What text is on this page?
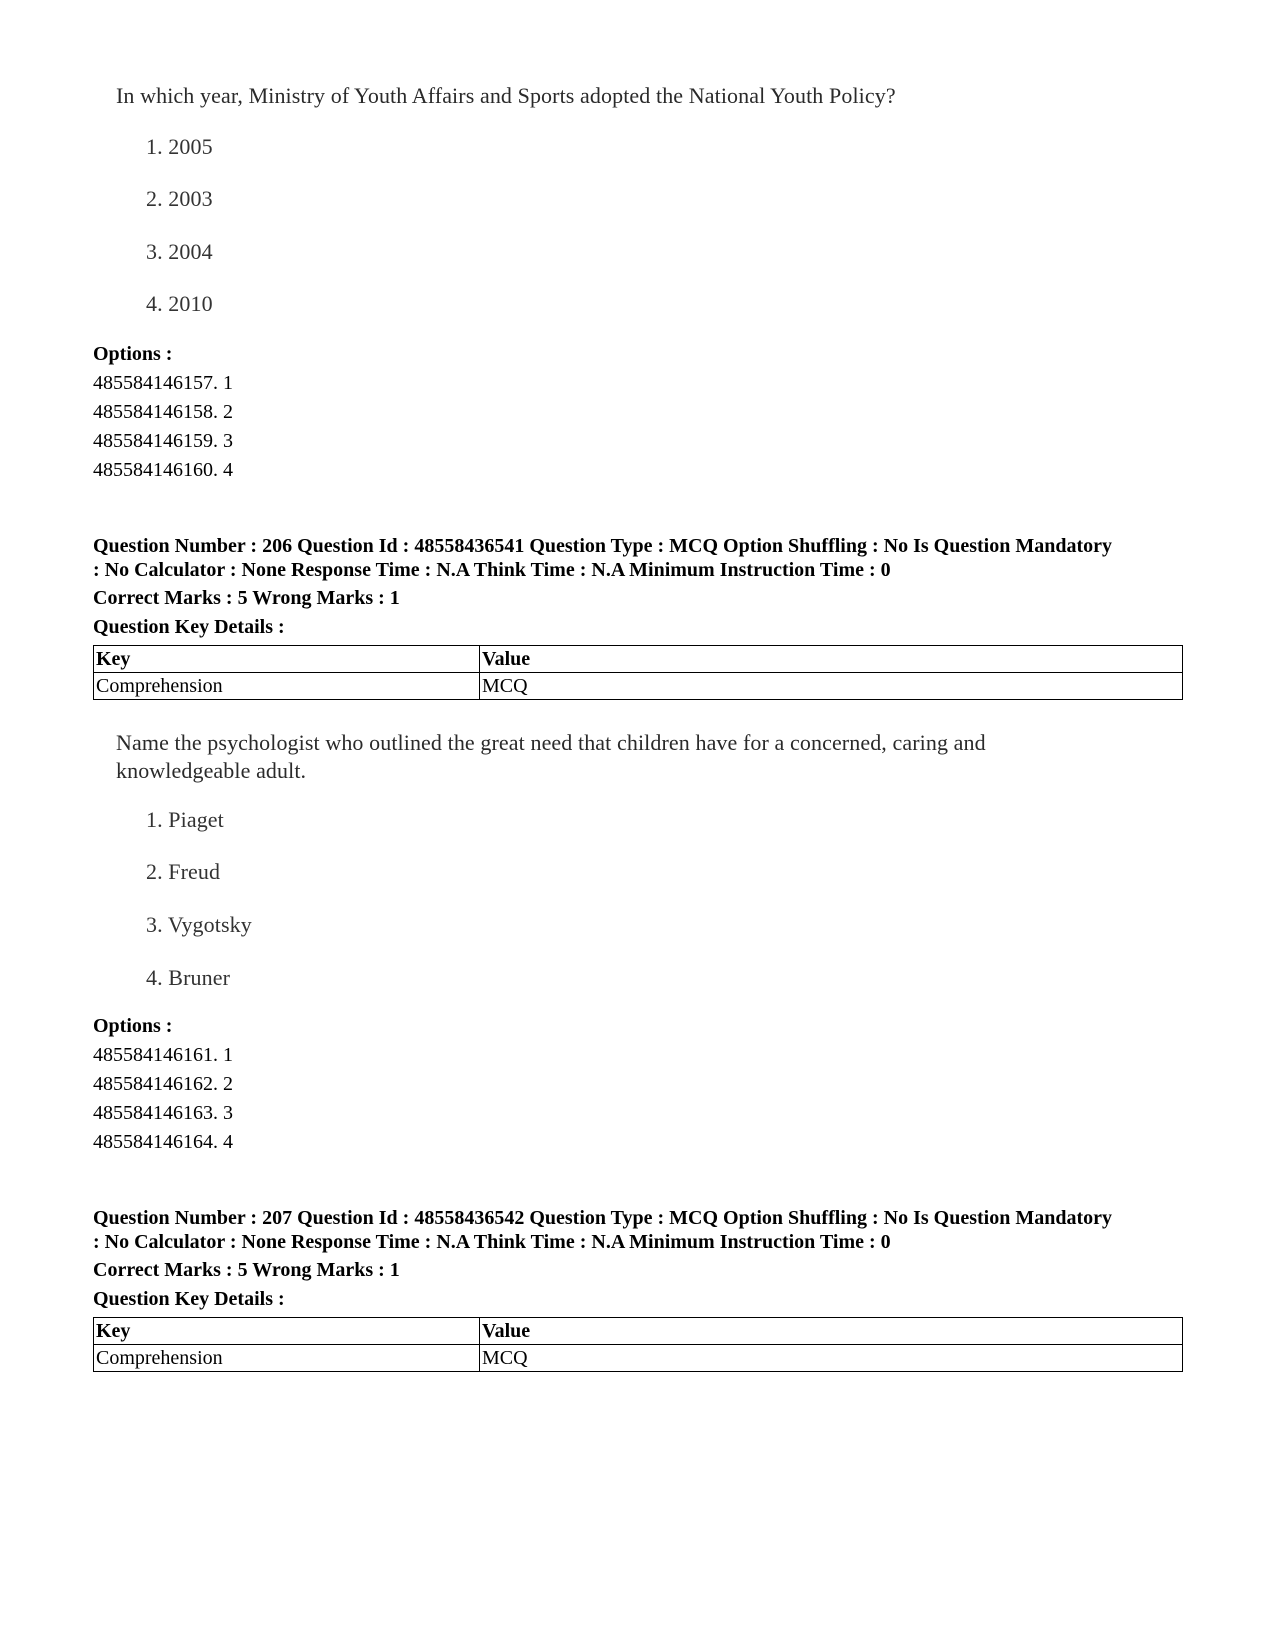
In which year, Ministry of Youth Affairs and Sports adopted the National Youth Policy?

1. 2005
2. 2003
3. 2004
4. 2010
Options :
485584146157. 1
485584146158. 2
485584146159. 3
485584146160. 4
Question Number : 206 Question Id : 48558436541 Question Type : MCQ Option Shuffling : No Is Question Mandatory
: No Calculator : None Response Time : N.A Think Time : N.A Minimum Instruction Time : 0
Correct Marks : 5 Wrong Marks : 1
Question Key Details :
Key	Value
Comprehension	MCQ

Name the psychologist who outlined the great need that children have for a concerned, caring and

knowledgeable adult.

1. Piaget
2. Freud
3. Vygotsky
4. Bruner
Options :
485584146161. 1
485584146162. 2
485584146163. 3
485584146164. 4
Question Number : 207 Question Id : 48558436542 Question Type : MCQ Option Shuffling : No Is Question Mandatory
: No Calculator : None Response Time : N.A Think Time : N.A Minimum Instruction Time : 0
Correct Marks : 5 Wrong Marks : 1
Question Key Details :
Key	Value
Comprehension	MCQ
